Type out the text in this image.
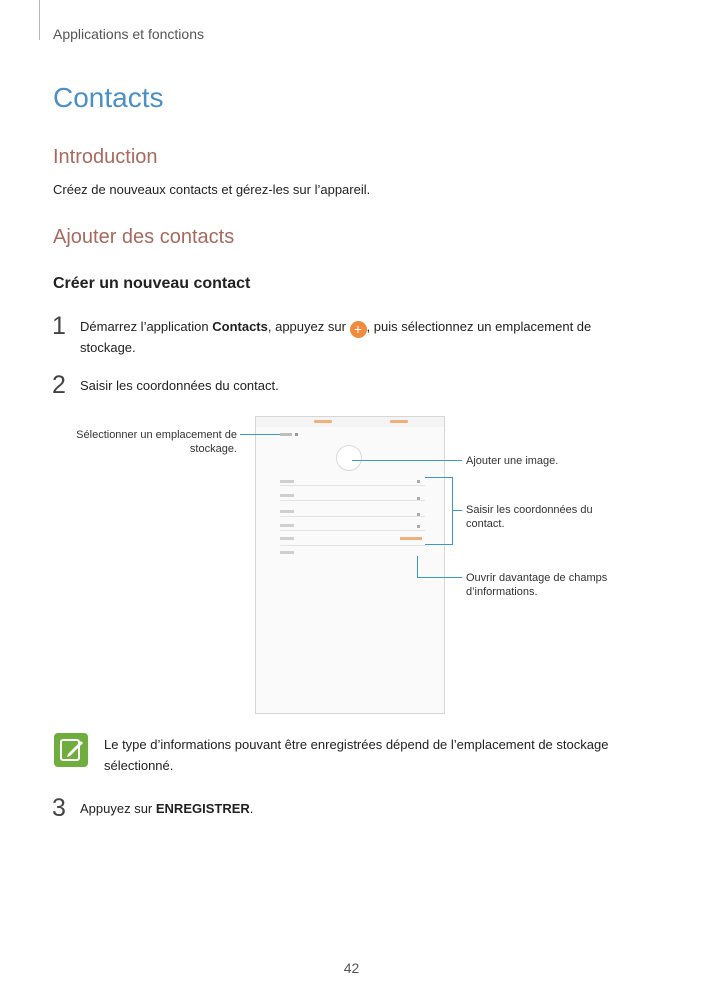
Applications et fonctions
Contacts
Introduction
Créez de nouveaux contacts et gérez-les sur l’appareil.
Ajouter des contacts
Créer un nouveau contact
1 Démarrez l’application Contacts, appuyez sur + , puis sélectionnez un emplacement de stockage.
2 Saisir les coordonnées du contact.
Sélectionner un emplacement de stockage.
Ajouter une image.
Saisir les coordonnées du contact.
Ouvrir davantage de champs d’informations.
Le type d’informations pouvant être enregistrées dépend de l’emplacement de stockage sélectionné.
3 Appuyez sur ENREGISTRER.
42
